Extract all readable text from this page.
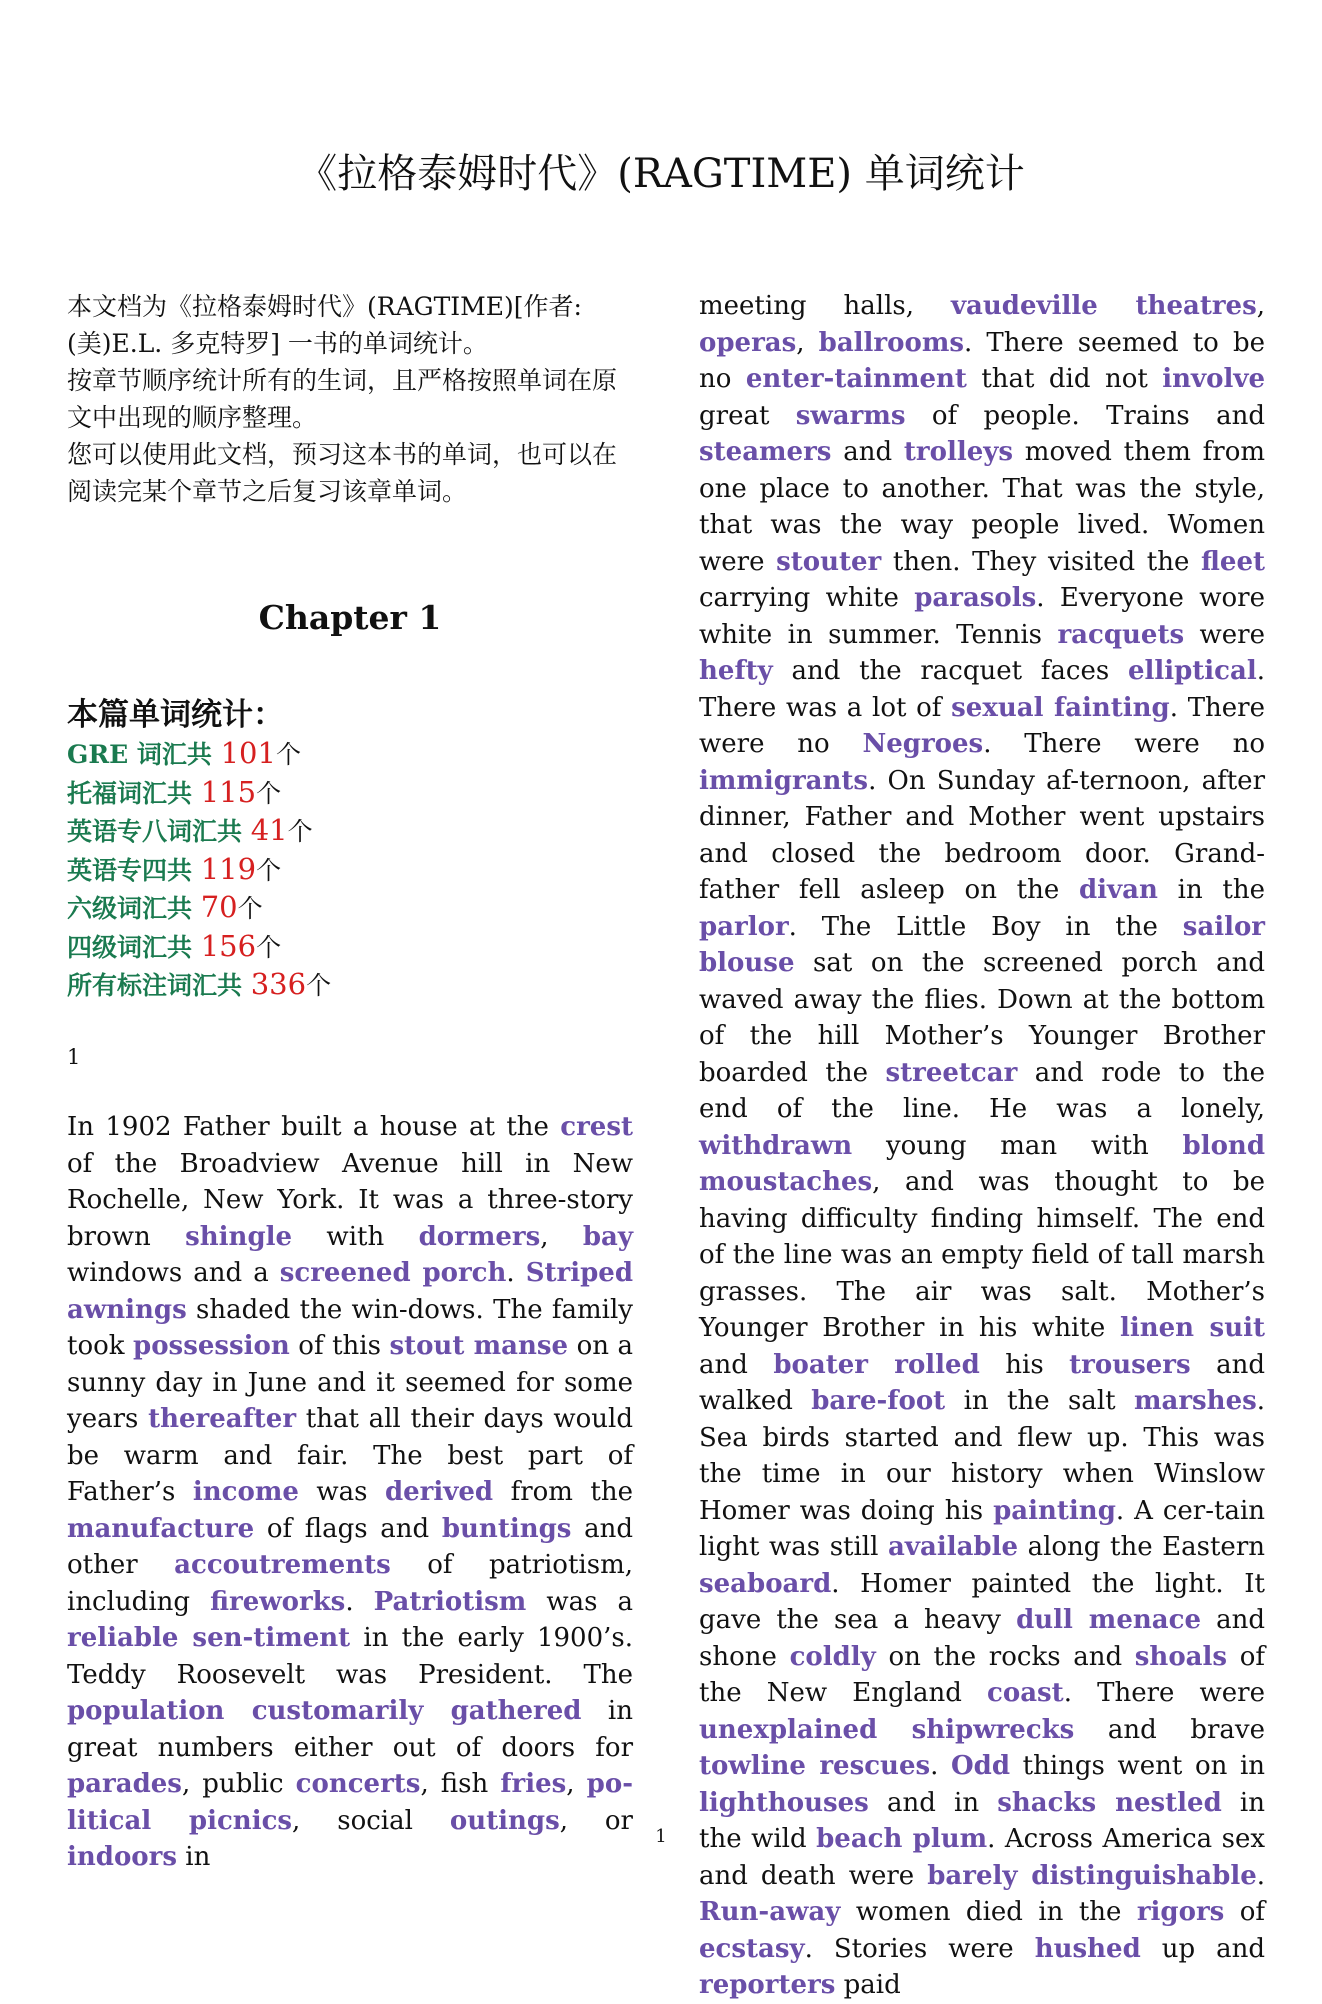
《拉格泰姆时代》(RAGTIME) 单词统计

本文档为《拉格泰姆时代》(RAGTIME)[作者:(美)E.L. 多克特罗] 一书的单词统计。
按章节顺序统计所有的生词，且严格按照单词在原文中出现的顺序整理。
您可以使用此文档，预习这本书的单词，也可以在阅读完某个章节之后复习该章单词。

Chapter 1
本篇单词统计：
GRE 词汇共 101个
托福词汇共 115个
英语专八词汇共 41个
英语专四共 119个
六级词汇共 70个
四级词汇共 156个
所有标注词汇共 336个
1

In 1902 Father built a house at the crest of the Broadview Avenue hill in New Rochelle, New York. It was a three-story brown shingle with dormers, bay windows and a screened porch. Striped awnings shaded the win-dows. The family took possession of this stout manse on a sunny day in June and it seemed for some years thereafter that all their days would be warm and fair. The best part of Father’s income was derived from the manufacture of flags and buntings and other accoutrements of patriotism, including fireworks. Patriotism was a reliable sen-timent in the early 1900’s. Teddy Roosevelt was President. The population customarily gathered in great numbers either out of doors for parades, public concerts, fish fries, po-litical picnics, social outings, or indoors in

meeting halls, vaudeville theatres, operas, ballrooms. There seemed to be no enter-tainment that did not involve great swarms of people. Trains and steamers and trolleys moved them from one place to another. That was the style, that was the way people lived. Women were stouter then. They visited the fleet carrying white parasols. Everyone wore white in summer. Tennis racquets were hefty and the racquet faces elliptical. There was a lot of sexual fainting. There were no Negroes. There were no immigrants. On Sunday af-ternoon, after dinner, Father and Mother went upstairs and closed the bedroom door. Grand-father fell asleep on the divan in the parlor. The Little Boy in the sailor blouse sat on the screened porch and waved away the flies. Down at the bottom of the hill Mother’s Younger Brother boarded the streetcar and rode to the end of the line. He was a lonely, withdrawn young man with blond moustaches, and was thought to be having difficulty finding himself. The end of the line was an empty field of tall marsh grasses. The air was salt. Mother’s Younger Brother in his white linen suit and boater rolled his trousers and walked bare-foot in the salt marshes. Sea birds started and flew up. This was the time in our history when Winslow Homer was doing his painting. A cer-tain light was still available along the Eastern seaboard. Homer painted the light. It gave the sea a heavy dull menace and shone coldly on the rocks and shoals of the New England coast. There were unexplained shipwrecks and brave towline rescues. Odd things went on in lighthouses and in shacks nestled in the wild beach plum. Across America sex and death were barely distinguishable. Run-away women died in the rigors of ecstasy. Stories were hushed up and reporters paid

1
